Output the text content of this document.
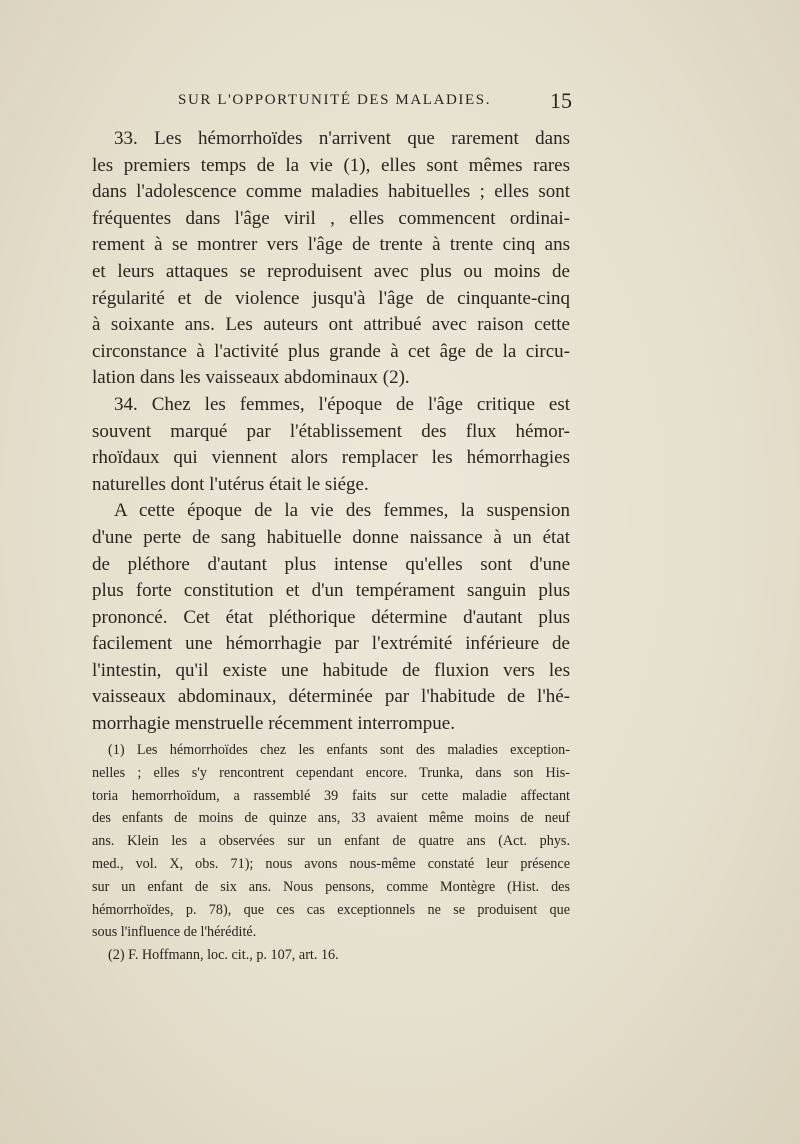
SUR L'OPPORTUNITÉ DES MALADIES.	15
33. Les hémorrhoïdes n'arrivent que rarement dans
les premiers temps de la vie (1), elles sont mêmes rares
dans l'adolescence comme maladies habituelles ; elles sont
fréquentes dans l'âge viril , elles commencent ordinai-
rement à se montrer vers l'âge de trente à trente cinq ans
et leurs attaques se reproduisent avec plus ou moins de
régularité et de violence jusqu'à l'âge de cinquante-cinq
à soixante ans. Les auteurs ont attribué avec raison cette
circonstance à l'activité plus grande à cet âge de la circu-
lation dans les vaisseaux abdominaux (2).
34. Chez les femmes, l'époque de l'âge critique est
souvent marqué par l'établissement des flux hémor-
rhoïdaux qui viennent alors remplacer les hémorrhagies
naturelles dont l'utérus était le siége.
A cette époque de la vie des femmes, la suspension
d'une perte de sang habituelle donne naissance à un état
de pléthore d'autant plus intense qu'elles sont d'une
plus forte constitution et d'un tempérament sanguin plus
prononcé. Cet état pléthorique détermine d'autant plus
facilement une hémorrhagie par l'extrémité inférieure de
l'intestin, qu'il existe une habitude de fluxion vers les
vaisseaux abdominaux, déterminée par l'habitude de l'hé-
morrhagie menstruelle récemment interrompue.
(1) Les hémorrhoïdes chez les enfants sont des maladies exception-
nelles ; elles s'y rencontrent cependant encore. Trunka, dans son His-
toria hemorrhoïdum, a rassemblé 39 faits sur cette maladie affectant
des enfants de moins de quinze ans, 33 avaient même moins de neuf
ans. Klein les a observées sur un enfant de quatre ans (Act. phys.
med., vol. X, obs. 71); nous avons nous-même constaté leur présence
sur un enfant de six ans. Nous pensons, comme Montègre (Hist. des
hémorrhoïdes, p. 78), que ces cas exceptionnels ne se produisent que
sous l'influence de l'hérédité.
(2) F. Hoffmann, loc. cit., p. 107, art. 16.
